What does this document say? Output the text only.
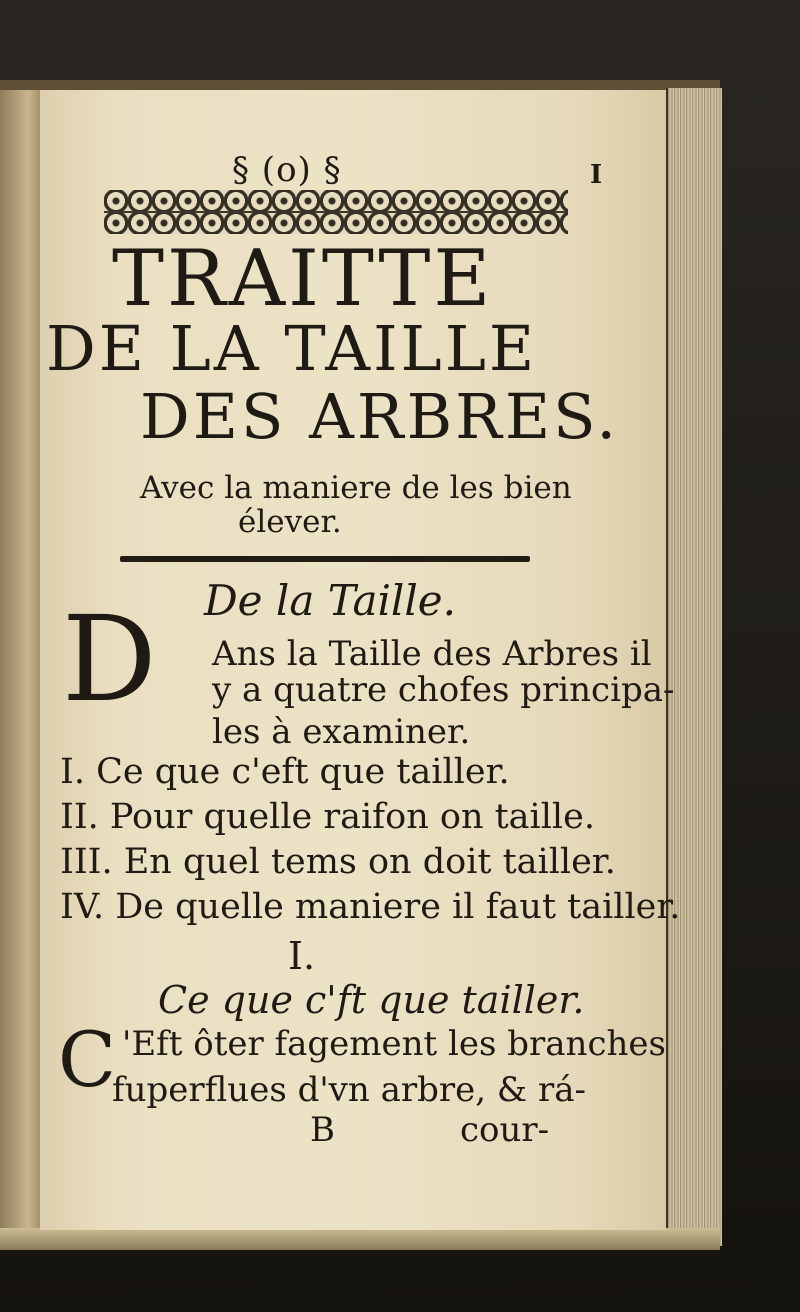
§ (o) §	I
TRAITTE
DE LA TAILLE
DES ARBRES.
Avec la maniere de les bien
élever.
De la Taille.
D Ans la Taille des Arbres il
y a quatre chofes principa-
les à examiner.
I. Ce que c'eft que tailler.
II. Pour quelle raifon on taille.
III. En quel tems on doit tailler.
IV. De quelle maniere il faut tailler.
I.
Ce que c'ft que tailler.
C 'Eft ôter fagement les branches
fuperflues d'vn arbre, & rá-
B	cour-
